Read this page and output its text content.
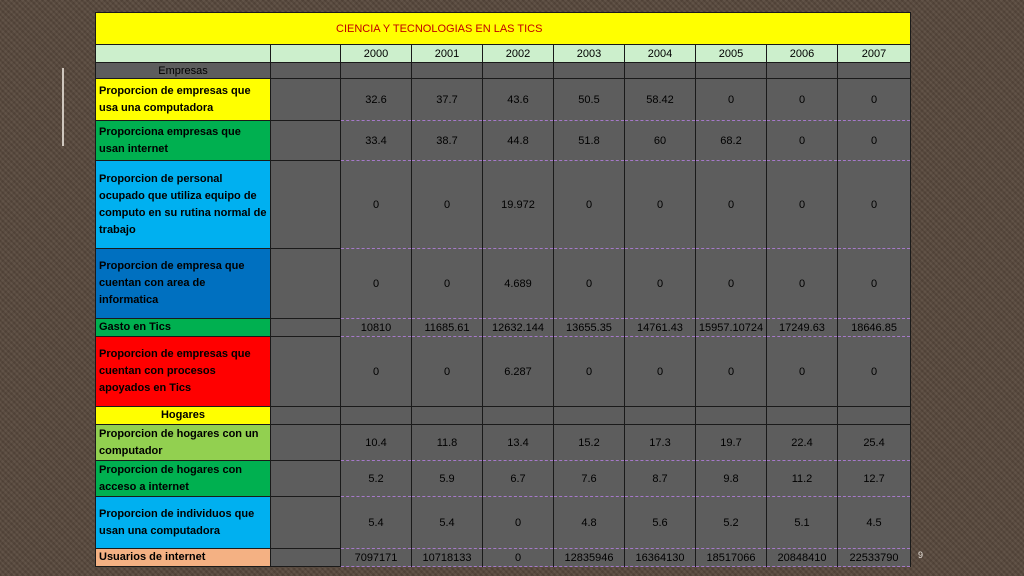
CIENCIA Y TECNOLOGIAS EN LAS TICS									
		2000	2001	2002	2003	2004	2005	2006	2007
Empresas									
Proporcion de empresas que usa una computadora		32.6	37.7	43.6	50.5	58.42	0	0	0
Proporciona empresas que usan internet		33.4	38.7	44.8	51.8	60	68.2	0	0
Proporcion de personal ocupado que utiliza equipo de computo en su rutina normal de trabajo		0	0	19.972	0	0	0	0	0
Proporcion de empresa que cuentan con area de informatica		0	0	4.689	0	0	0	0	0
Gasto en Tics		10810	11685.61	12632.144	13655.35	14761.43	15957.10724	17249.63	18646.85
Proporcion de empresas que cuentan con procesos apoyados en Tics		0	0	6.287	0	0	0	0	0
Hogares									
Proporcion de hogares con un computador		10.4	11.8	13.4	15.2	17.3	19.7	22.4	25.4
Proporcion de hogares con acceso a internet		5.2	5.9	6.7	7.6	8.7	9.8	11.2	12.7
Proporcion de individuos que usan una computadora		5.4	5.4	0	4.8	5.6	5.2	5.1	4.5
Usuarios de internet		7097171	10718133	0	12835946	16364130	18517066	20848410	22533790 9
